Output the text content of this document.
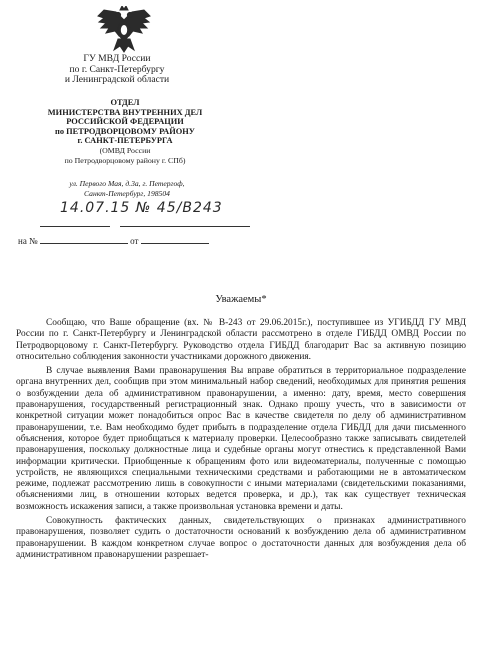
ГУ МВД России
по г. Санкт-Петербургу
и Ленинградской области
ОТДЕЛ
МИНИСТЕРСТВА ВНУТРЕННИХ ДЕЛ
РОССИЙСКОЙ ФЕДЕРАЦИИ
по ПЕТРОДВОРЦОВОМУ РАЙОНУ
г. САНКТ-ПЕТЕРБУРГА
(ОМВД России
по Петродворцовому району г. СПб)
ул. Первого Мая, д.3а, г. Петергоф,
Санкт-Петербург, 198504
14.07.15 № 45/В243
на №	от
Уважаемы*

Сообщаю, что Ваше обращение (вх. № В-243 от 29.06.2015г.), поступившее из УГИБДД ГУ МВД России по г. Санкт-Петербургу и Ленинградской области рассмотрено в отделе ГИБДД ОМВД России по Петродворцовому г. Санкт-Петербургу. Руководство отдела ГИБДД благодарит Вас за активную позицию относительно соблюдения законности участниками дорожного движения.

В случае выявления Вами правонарушения Вы вправе обратиться в территориальное подразделение органа внутренних дел, сообщив при этом минимальный набор сведений, необходимых для принятия решения о возбуждении дела об административном правонарушении, а именно: дату, время, место совершения правонарушения, государственный регистрационный знак. Однако прошу учесть, что в зависимости от конкретной ситуации может понадобиться опрос Вас в качестве свидетеля по делу об административном правонарушении, т.е. Вам необходимо будет прибыть в подразделение отдела ГИБДД для дачи письменного объяснения, которое будет приобщаться к материалу проверки. Целесообразно также записывать свидетелей правонарушения, поскольку должностные лица и судебные органы могут отнестись к представленной Вами информации критически. Приобщенные к обращениям фото или видеоматериалы, полученные с помощью устройств, не являющихся специальными техническими средствами и работающими не в автоматическом режиме, подлежат рассмотрению лишь в совокупности с иными материалами (свидетельскими показаниями, объяснениями лиц, в отношении которых ведется проверка, и др.), так как существует техническая возможность искажения записи, а также произвольная установка времени и даты.

Совокупность фактических данных, свидетельствующих о признаках административного правонарушения, позволяет судить о достаточности оснований к возбуждению дела об административном правонарушении. В каждом конкретном случае вопрос о достаточности данных для возбуждения дела об административном правонарушении разрешает-
